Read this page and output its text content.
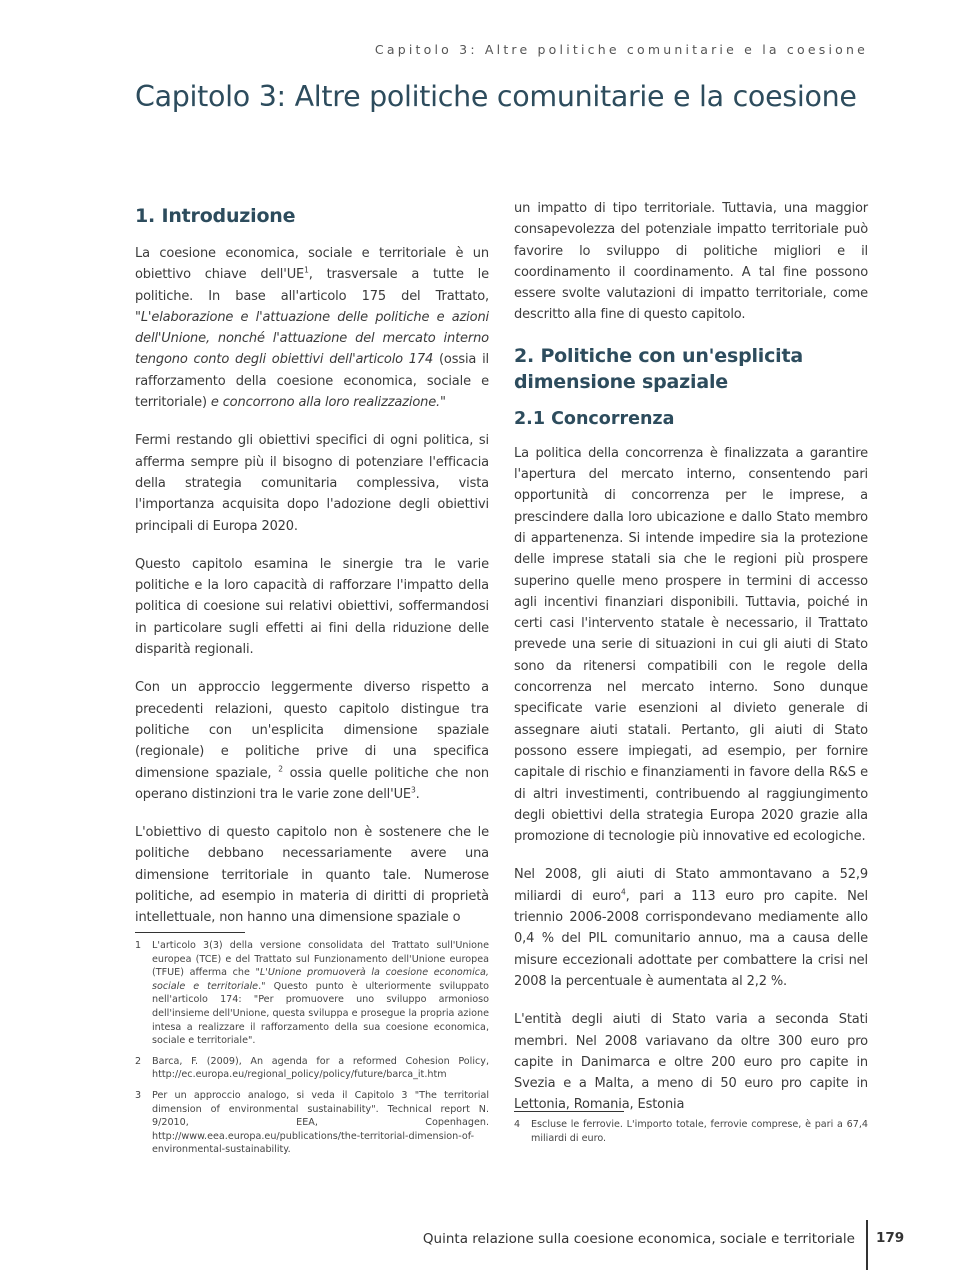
Capitolo 3: Altre politiche comunitarie e la coesione
Capitolo 3: Altre politiche comunitarie e la coesione
1. Introduzione

La coesione economica, sociale e territoriale è un obiettivo chiave $dell'UE^1$, trasversale a tutte le politiche. In base all'articolo 175 del Trattato, "L'elaborazione e l'attuazione delle politiche e azioni dell'Unione, nonché l'attuazione del mercato interno tengono conto degli obiettivi dell'articolo 174 (ossia il rafforzamento della coesione economica, sociale e territoriale) e concorrono alla loro realizzazione."

Fermi restando gli obiettivi specifici di ogni politica, si afferma sempre più il bisogno di potenziare l'efficacia della strategia comunitaria complessiva, vista l'importanza acquisita dopo l'adozione degli obiettivi principali di Europa 2020.

Questo capitolo esamina le sinergie tra le varie politiche e la loro capacità di rafforzare l'impatto della politica di coesione sui relativi obiettivi, soffermandosi in particolare sugli effetti ai fini della riduzione delle disparità regionali.

Con un approccio leggermente diverso rispetto a precedenti relazioni, questo capitolo distingue tra politiche con un'esplicita dimensione spaziale (regionale) e politiche prive di una specifica dimensione spaziale, $^2$ ossia quelle politiche che non operano distinzioni tra le varie zone $dell'UE^3$.

L'obiettivo di questo capitolo non è sostenere che le politiche debbano necessariamente avere una dimensione territoriale in quanto tale. Numerose politiche, ad esempio in materia di diritti di proprietà intellettuale, non hanno una dimensione spaziale o

1	L'articolo 3(3) della versione consolidata del Trattato sull'Unione europea (TCE) e del Trattato sul Funzionamento dell'Unione europea (TFUE) afferma che "L'Unione promuoverà la coesione economica, sociale e territoriale." Questo punto è ulteriormente sviluppato nell'articolo 174: "Per promuovere uno sviluppo armonioso dell'insieme dell'Unione, questa sviluppa e prosegue la propria azione intesa a realizzare il rafforzamento della sua coesione economica, sociale e territoriale".
2	Barca, F. (2009), An agenda for a reformed Cohesion Policy, http://ec.europa.eu/regional_policy/policy/future/barca_it.htm
3	Per un approccio analogo, si veda il Capitolo 3 "The territorial dimension of environmental sustainability". Technical report N. 9/2010, EEA, Copenhagen. http://www.eea.europa.eu/publications/the-territorial-dimension-of-environmental-sustainability.

un impatto di tipo territoriale. Tuttavia, una maggior consapevolezza del potenziale impatto territoriale può favorire lo sviluppo di politiche migliori e il coordinamento il coordinamento. A tal fine possono essere svolte valutazioni di impatto territoriale, come descritto alla fine di questo capitolo.

2. Politiche con un'esplicita dimensione spaziale
2.1 Concorrenza

La politica della concorrenza è finalizzata a garantire l'apertura del mercato interno, consentendo pari opportunità di concorrenza per le imprese, a prescindere dalla loro ubicazione e dallo Stato membro di appartenenza. Si intende impedire sia la protezione delle imprese statali sia che le regioni più prospere superino quelle meno prospere in termini di accesso agli incentivi finanziari disponibili. Tuttavia, poiché in certi casi l'intervento statale è necessario, il Trattato prevede una serie di situazioni in cui gli aiuti di Stato sono da ritenersi compatibili con le regole della concorrenza nel mercato interno. Sono dunque specificate varie esenzioni al divieto generale di assegnare aiuti statali. Pertanto, gli aiuti di Stato possono essere impiegati, ad esempio, per fornire capitale di rischio e finanziamenti in favore della R&S e di altri investimenti, contribuendo al raggiungimento degli obiettivi della strategia Europa 2020 grazie alla promozione di tecnologie più innovative ed ecologiche.

Nel 2008, gli aiuti di Stato ammontavano a 52,9 miliardi di euro$^4$, pari a 113 euro pro capite. Nel triennio 2006-2008 corrispondevano mediamente allo 0,4 % del PIL comunitario annuo, ma a causa delle misure eccezionali adottate per combattere la crisi nel 2008 la percentuale è aumentata al 2,2 %.

L'entità degli aiuti di Stato varia a seconda Stati membri. Nel 2008 variavano da oltre 300 euro pro capite in Danimarca e oltre 200 euro pro capite in Svezia e a Malta, a meno di 50 euro pro capite in Lettonia, Romania, Estonia

4	Escluse le ferrovie. L'importo totale, ferrovie comprese, è pari a 67,4 miliardi di euro.
Quinta relazione sulla coesione economica, sociale e territoriale 179
